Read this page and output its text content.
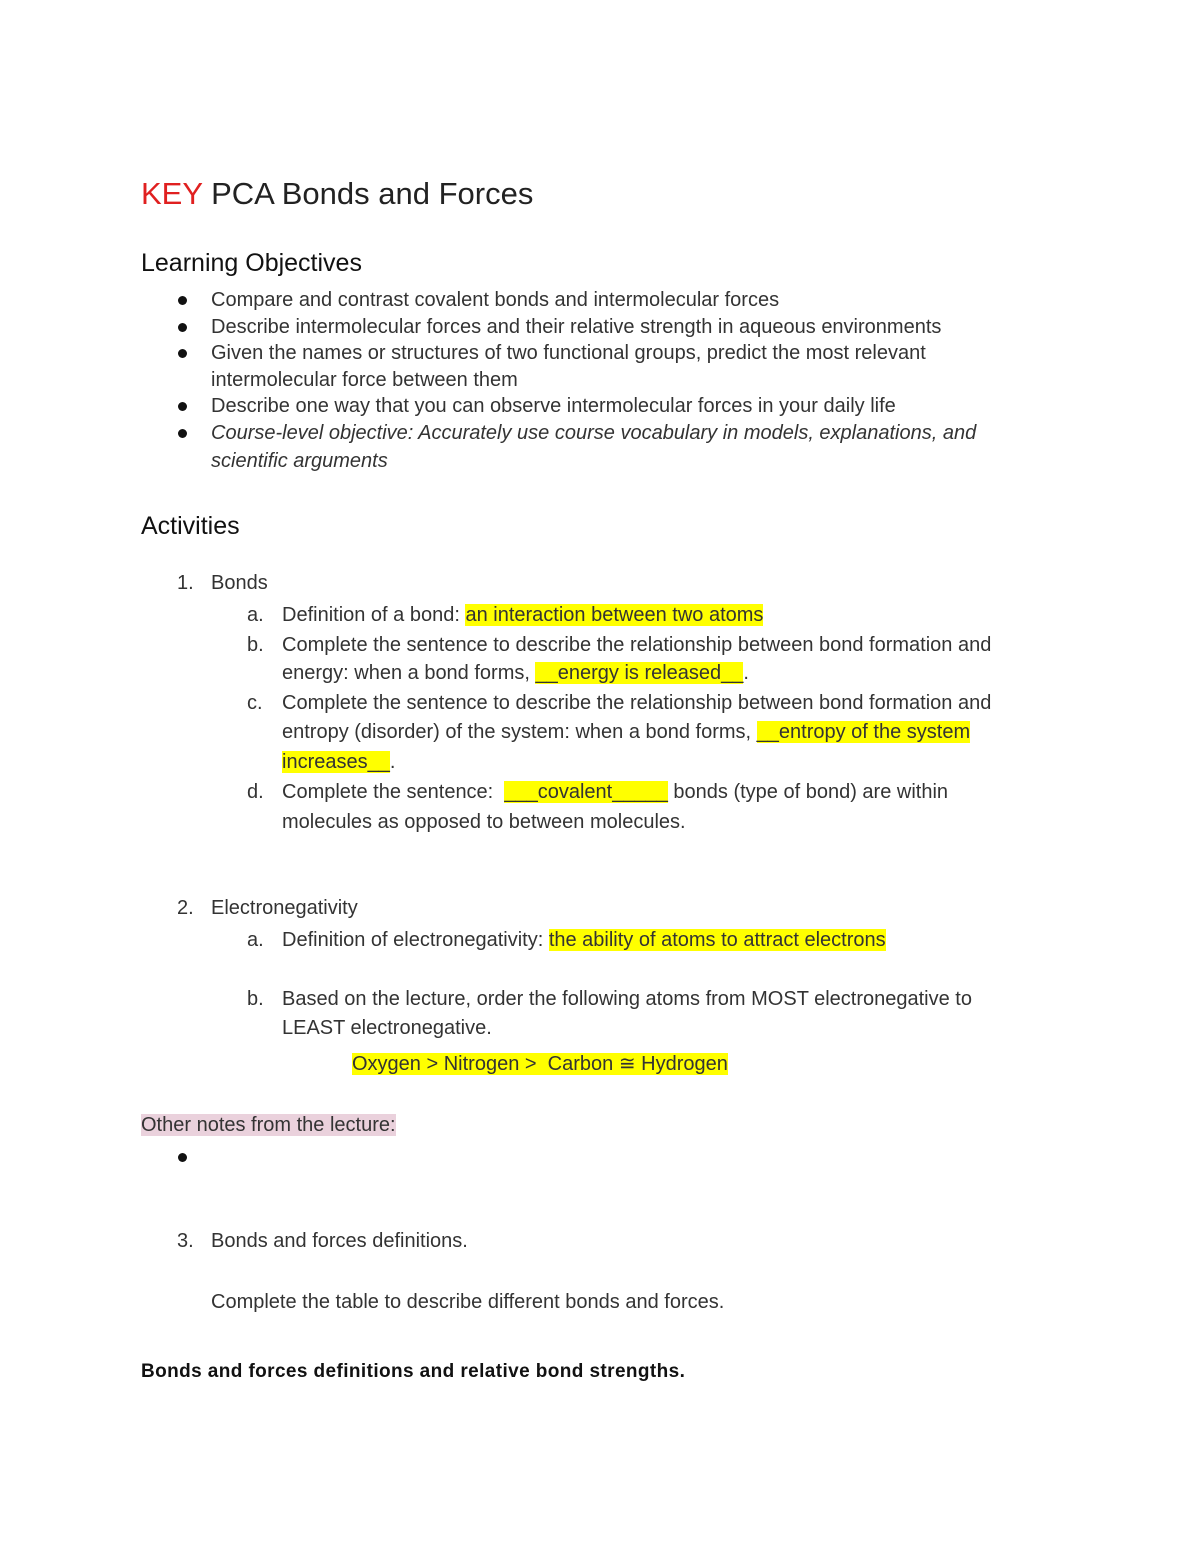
KEY PCA Bonds and Forces
Learning Objectives
Compare and contrast covalent bonds and intermolecular forces
Describe intermolecular forces and their relative strength in aqueous environments
Given the names or structures of two functional groups, predict the most relevant
intermolecular force between them
Describe one way that you can observe intermolecular forces in your daily life
Course-level objective: Accurately use course vocabulary in models, explanations, and
scientific arguments
Activities
1. Bonds
a. Definition of a bond: an interaction between two atoms
b. Complete the sentence to describe the relationship between bond formation and
energy: when a bond forms, __energy is released__.
c. Complete the sentence to describe the relationship between bond formation and
entropy (disorder) of the system: when a bond forms, __entropy of the system
increases__.
d. Complete the sentence:  ___covalent_____ bonds (type of bond) are within
molecules as opposed to between molecules.
2. Electronegativity
a. Definition of electronegativity: the ability of atoms to attract electrons
b. Based on the lecture, order the following atoms from MOST electronegative to
LEAST electronegative.
Oxygen > Nitrogen >  Carbon ≅ Hydrogen
Other notes from the lecture:
3. Bonds and forces definitions.
Complete the table to describe different bonds and forces.
Bonds and forces definitions and relative bond strengths.
